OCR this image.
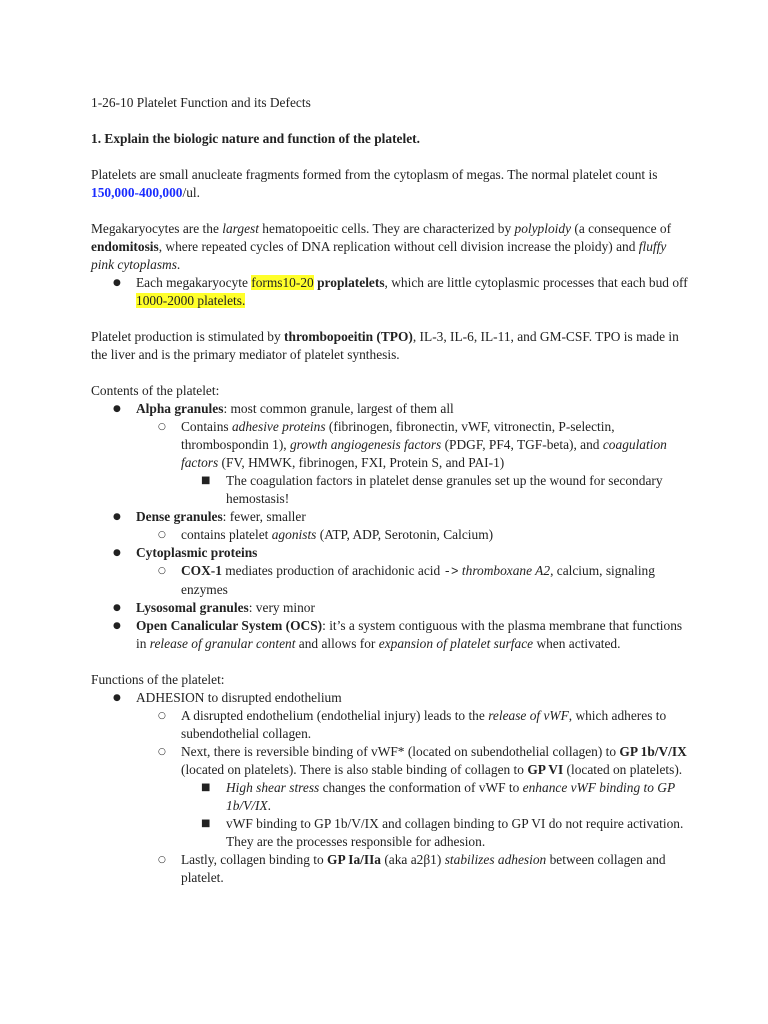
1-26-10 Platelet Function and its Defects

1. Explain the biologic nature and function of the platelet.

Platelets are small anucleate fragments formed from the cytoplasm of megas. The normal platelet count is 150,000-400,000/ul.

Megakaryocytes are the largest hematopoeitic cells. They are characterized by polyploidy (a consequence of endomitosis, where repeated cycles of DNA replication without cell division increase the ploidy) and fluffy pink cytoplasms.

● Each megakaryocyte forms10-20 proplatelets, which are little cytoplasmic processes that each bud off 1000-2000 platelets.

Platelet production is stimulated by thrombopoeitin (TPO), IL-3, IL-6, IL-11, and GM-CSF. TPO is made in the liver and is the primary mediator of platelet synthesis.

Contents of the platelet:

● Alpha granules: most common granule, largest of them all
○ Contains adhesive proteins (fibrinogen, fibronectin, vWF, vitronectin, P-selectin, thrombospondin 1), growth angiogenesis factors (PDGF, PF4, TGF-beta), and coagulation factors (FV, HMWK, fibrinogen, FXI, Protein S, and PAI-1)
■ The coagulation factors in platelet dense granules set up the wound for secondary hemostasis!
● Dense granules: fewer, smaller
○ contains platelet agonists (ATP, ADP, Serotonin, Calcium)
● Cytoplasmic proteins
○ COX-1 mediates production of arachidonic acid -> thromboxane A2, calcium, signaling enzymes
● Lysosomal granules: very minor
● Open Canalicular System (OCS): it’s a system contiguous with the plasma membrane that functions in release of granular content and allows for expansion of platelet surface when activated.

Functions of the platelet:

● ADHESION to disrupted endothelium
○ A disrupted endothelium (endothelial injury) leads to the release of vWF, which adheres to subendothelial collagen.
○ Next, there is reversible binding of vWF* (located on subendothelial collagen) to GP 1b/V/IX (located on platelets). There is also stable binding of collagen to GP VI (located on platelets).
■ High shear stress changes the conformation of vWF to enhance vWF binding to GP 1b/V/IX.
■ vWF binding to GP 1b/V/IX and collagen binding to GP VI do not require activation. They are the processes responsible for adhesion.
○ Lastly, collagen binding to GP Ia/IIa (aka a2β1) stabilizes adhesion between collagen and platelet.
